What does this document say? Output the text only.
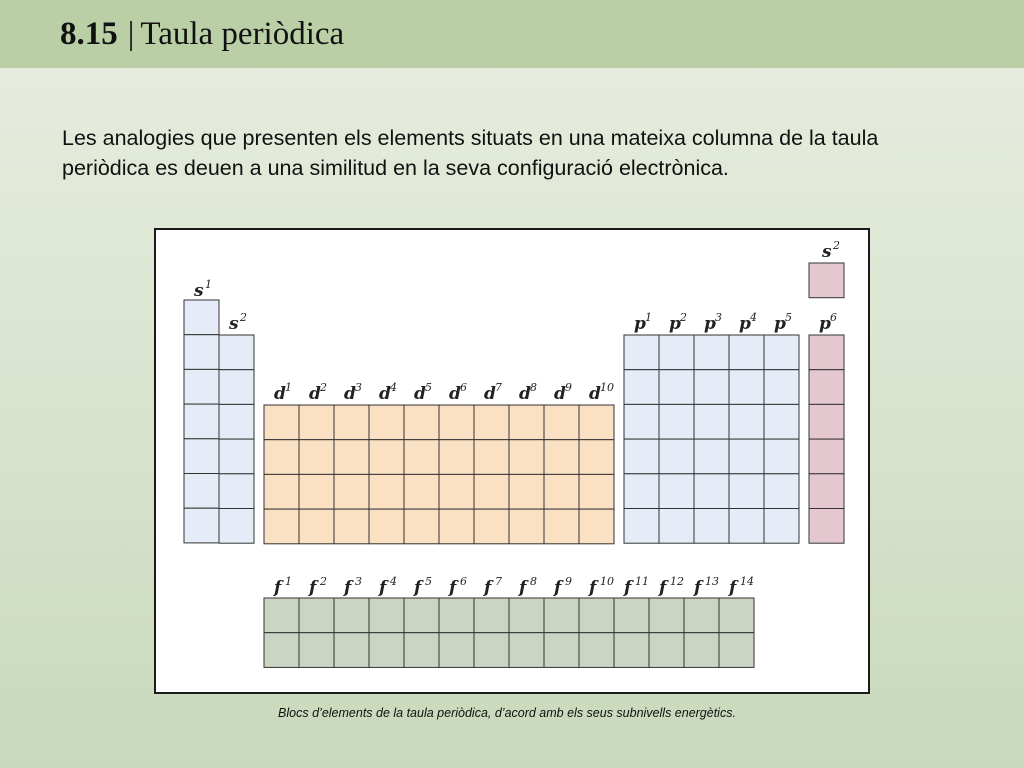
8.15 | Taula periòdica

Les analogies que presenten els elements situats en una mateixa columna de la taula periòdica es deuen a una similitud en la seva configuració electrònica.

s 1
s 2
d 1 d 2 d 3 d 4 d 5 d 6 d 7 d 8 d 9 d 10
p 1 p 2 p 3 p 4 p 5 p 6
s 2
f 1 f 2 f 3 f 4 f 5 f 6 f 7 f 8 f 9 f 10 f 11 f 12 f 13 f 14

Blocs d’elements de la taula periòdica, d’acord amb els seus subnivells energètics.
